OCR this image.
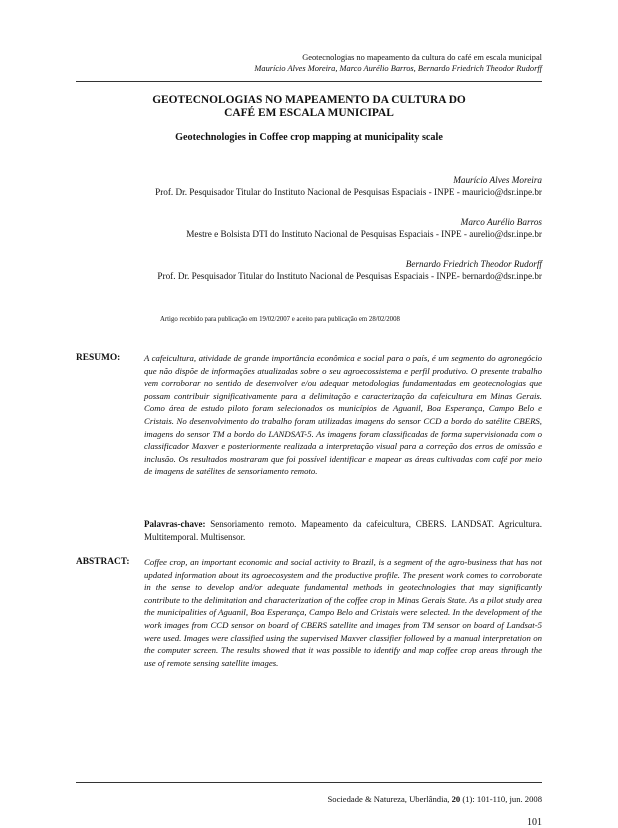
Geotecnologias no mapeamento da cultura do café em escala municipal
Maurício Alves Moreira, Marco Aurélio Barros, Bernardo Friedrich Theodor Rudorff
GEOTECNOLOGIAS NO MAPEAMENTO DA CULTURA DO
CAFÉ EM ESCALA MUNICIPAL
Geotechnologies in Coffee crop mapping at municipality scale
Maurício Alves Moreira
Prof. Dr. Pesquisador Titular do Instituto Nacional de Pesquisas Espaciais - INPE - mauricio@dsr.inpe.br
Marco Aurélio Barros
Mestre e Bolsista DTI do Instituto Nacional de Pesquisas Espaciais - INPE - aurelio@dsr.inpe.br
Bernardo Friedrich Theodor Rudorff
Prof. Dr. Pesquisador Titular do Instituto Nacional de Pesquisas Espaciais - INPE- bernardo@dsr.inpe.br
Artigo recebido para publicação em 19/02/2007 e aceito para publicação em 28/02/2008
RESUMO:	A cafeicultura, atividade de grande importância econômica e social para o país, é um segmento do agronegócio que não dispõe de informações atualizadas sobre o seu agroecossistema e perfil produtivo. O presente trabalho vem corroborar no sentido de desenvolver e/ou adequar metodologias fundamentadas em geotecnologias que possam contribuir significativamente para a delimitação e caracterização da cafeicultura em Minas Gerais. Como área de estudo piloto foram selecionados os municípios de Aguanil, Boa Esperança, Campo Belo e Cristais. No desenvolvimento do trabalho foram utilizadas imagens do sensor CCD a bordo do satélite CBERS, imagens do sensor TM a bordo do LANDSAT-5. As imagens foram classificadas de forma supervisionada com o classificador Maxver e posteriormente realizada a interpretação visual para a correção dos erros de omissão e inclusão. Os resultados mostraram que foi possível identificar e mapear as áreas cultivadas com café por meio de imagens de satélites de sensoriamento remoto.
Palavras-chave: Sensoriamento remoto. Mapeamento da cafeicultura, CBERS. LANDSAT. Agricultura. Multitemporal. Multisensor.
ABSTRACT: Coffee crop, an important economic and social activity to Brazil, is a segment of the agro-business that has not updated information about its agroecosystem and the productive profile. The present work comes to corroborate in the sense to develop and/or adequate fundamental methods in geotechnologies that may significantly contribute to the delimitation and characterization of the coffee crop in Minas Gerais State. As a pilot study area the municipalities of Aguanil, Boa Esperança, Campo Belo and Cristais were selected. In the development of the work images from CCD sensor on board of CBERS satellite and images from TM sensor on board of Landsat-5 were used. Images were classified using the supervised Maxver classifier followed by a manual interpretation on the computer screen. The results showed that it was possible to identify and map coffee crop areas through the use of remote sensing satellite images.
Sociedade & Natureza, Uberlândia, 20 (1): 101-110, jun. 2008
101
